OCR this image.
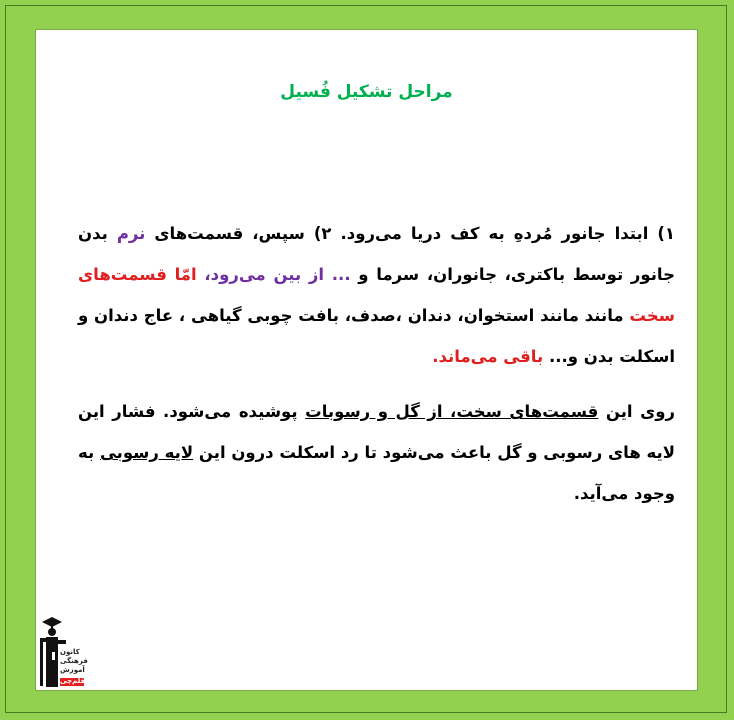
مراحل تشکیل فُسیل

۱) ابتدا جانور مُردهِ به کف دریا می‌رود. ۲) سپس، قسمت‌های نرم بدن جانور توسط باکتری، جانوران، سرما و ... از بین می‌رود، امّا قسمت‌های سخت مانند مانند استخوان، دندان ،صدف، بافت چوبی گیاهی ، عاج دندان و اسکلت بدن و... باقی می‌ماند.

روی این قسمت‌های سخت، از گل و رسوبات پوشیده می‌شود. فشار این لایه های رسوبی و گل باعث می‌شود تا رد اسکلت درون این لایه رسوبی به وجود می‌آید.

کانون
فرهنگی
آموزش
قلم‌چی
